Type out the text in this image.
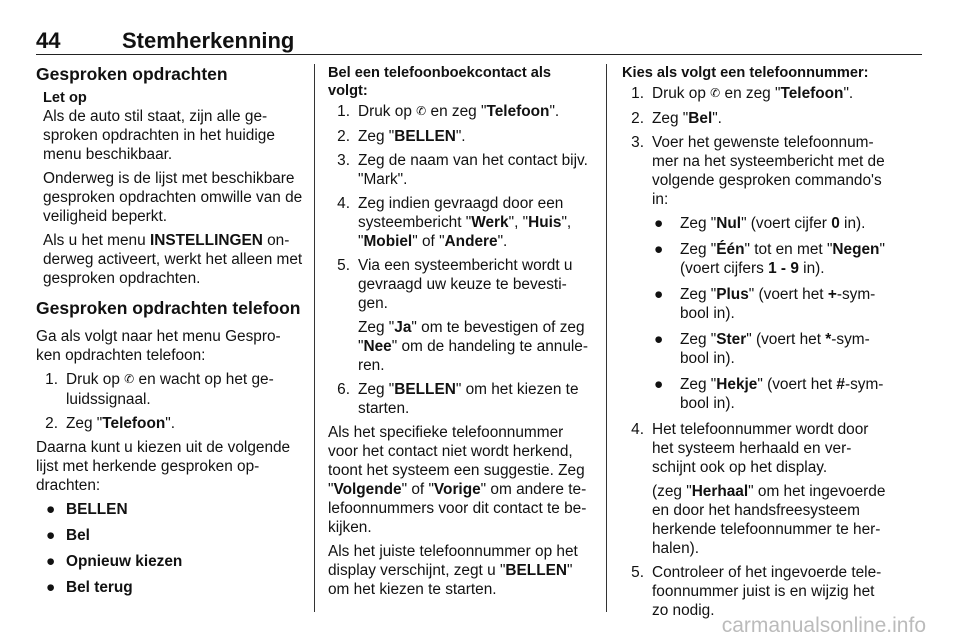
44	Stemherkenning
Gesproken opdrachten
Let op

Als de auto stil staat, zijn alle ge-sproken opdrachten in het huidige menu beschikbaar.

Onderweg is de lijst met beschikbare gesproken opdrachten omwille van de veiligheid beperkt.

Als u het menu INSTELLINGEN on-derweg activeert, werkt het alleen met gesproken opdrachten.

Gesproken opdrachten telefoon

Ga als volgt naar het menu Gespro-ken opdrachten telefoon:

1. Druk op ✆ en wacht op het ge-luidssignaal.
2. Zeg "Telefoon".

Daarna kunt u kiezen uit de volgende lijst met herkende gesproken op-drachten:

● BELLEN
● Bel
● Opnieuw kiezen
● Bel terug
Bel een telefoonboekcontact als volgt:
1. Druk op ✆ en zeg "Telefoon".
2. Zeg "BELLEN".
3. Zeg de naam van het contact bijv. "Mark".
4. Zeg indien gevraagd door een systeembericht "Werk", "Huis", "Mobiel" of "Andere".
5. Via een systeembericht wordt u gevraagd uw keuze te bevesti-gen.
Zeg "Ja" om te bevestigen of zeg "Nee" om de handeling te annule-ren.
6. Zeg "BELLEN" om het kiezen te starten.

Als het specifieke telefoonnummer voor het contact niet wordt herkend, toont het systeem een suggestie. Zeg "Volgende" of "Vorige" om andere te-lefoonnummers voor dit contact te be-kijken.

Als het juiste telefoonnummer op het display verschijnt, zegt u "BELLEN" om het kiezen te starten.

Kies als volgt een telefoonnummer:
1. Druk op ✆ en zeg "Telefoon".
2. Zeg "Bel".
3. Voer het gewenste telefoonnum-mer na het systeembericht met de volgende gesproken commando's in:
● Zeg "Nul" (voert cijfer 0 in).
● Zeg "Één" tot en met "Negen" (voert cijfers 1 - 9 in).
● Zeg "Plus" (voert het +-sym-bool in).
● Zeg "Ster" (voert het *-sym-bool in).
● Zeg "Hekje" (voert het #-sym-bool in).
4. Het telefoonnummer wordt door het systeem herhaald en ver-schijnt ook op het display.
(zeg "Herhaal" om het ingevoerde en door het handsfreesysteem herkende telefoonnummer te her-halen).
5. Controleer of het ingevoerde tele-foonnummer juist is en wijzig het zo nodig.
carmanualsonline.info
